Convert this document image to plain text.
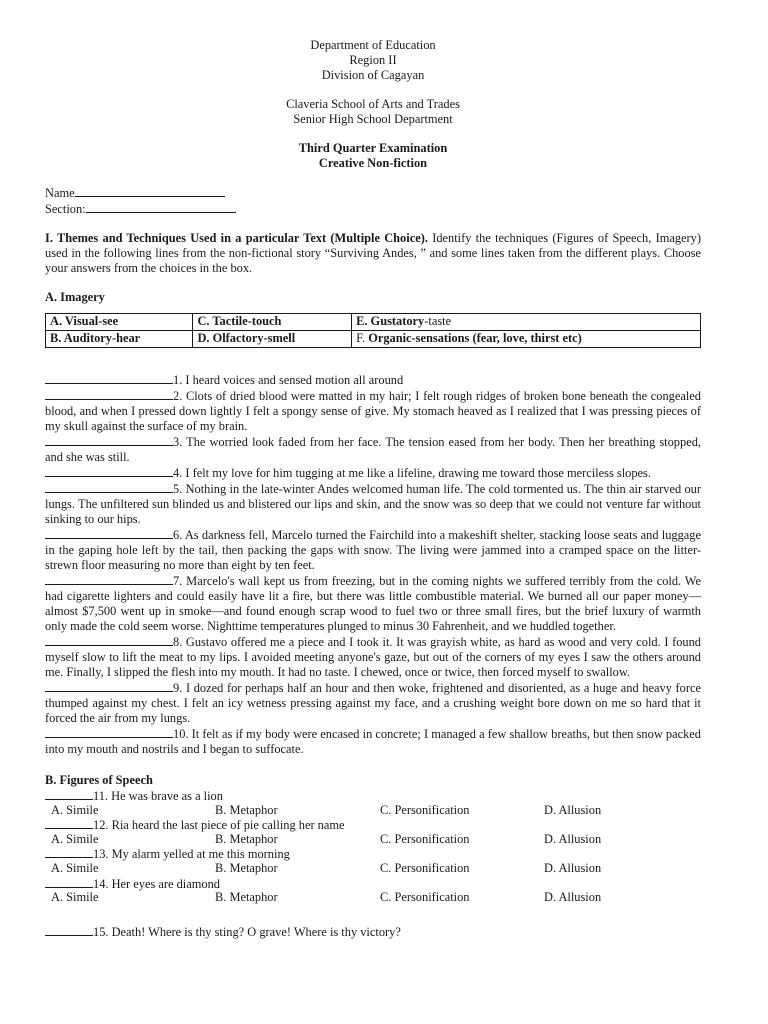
Department of Education

Region II

Division of Cagayan

Claveria School of Arts and Trades

Senior High School Department

Third Quarter Examination

Creative Non-fiction

Name

Section:

I. Themes and Techniques Used in a particular Text (Multiple Choice). Identify the techniques (Figures of Speech, Imagery) used in the following lines from the non-fictional story “Surviving Andes, ” and some lines taken from the different plays. Choose your answers from the choices in the box.

A. Imagery

A. Visual-see	C. Tactile-touch	E. Gustatory-taste
B. Auditory-hear	D. Olfactory-smell	F. Organic-sensations (fear, love, thirst etc)

1. I heard voices and sensed motion all around

2. Clots of dried blood were matted in my hair; I felt rough ridges of broken bone beneath the congealed blood, and when I pressed down lightly I felt a spongy sense of give. My stomach heaved as I realized that I was pressing pieces of my skull against the surface of my brain.

3. The worried look faded from her face. The tension eased from her body. Then her breathing stopped, and she was still.

4. I felt my love for him tugging at me like a lifeline, drawing me toward those merciless slopes.

5. Nothing in the late-winter Andes welcomed human life. The cold tormented us. The thin air starved our lungs. The unfiltered sun blinded us and blistered our lips and skin, and the snow was so deep that we could not venture far without sinking to our hips.

6. As darkness fell, Marcelo turned the Fairchild into a makeshift shelter, stacking loose seats and luggage in the gaping hole left by the tail, then packing the gaps with snow. The living were jammed into a cramped space on the litter-strewn floor measuring no more than eight by ten feet.

7. Marcelo's wall kept us from freezing, but in the coming nights we suffered terribly from the cold. We had cigarette lighters and could easily have lit a fire, but there was little combustible material. We burned all our paper money—almost $7,500 went up in smoke—and found enough scrap wood to fuel two or three small fires, but the brief luxury of warmth only made the cold seem worse. Nighttime temperatures plunged to minus 30 Fahrenheit, and we huddled together.

8. Gustavo offered me a piece and I took it. It was grayish white, as hard as wood and very cold. I found myself slow to lift the meat to my lips. I avoided meeting anyone's gaze, but out of the corners of my eyes I saw the others around me. Finally, I slipped the flesh into my mouth. It had no taste. I chewed, once or twice, then forced myself to swallow.

9. I dozed for perhaps half an hour and then woke, frightened and disoriented, as a huge and heavy force thumped against my chest. I felt an icy wetness pressing against my face, and a crushing weight bore down on me so hard that it forced the air from my lungs.

10. It felt as if my body were encased in concrete; I managed a few shallow breaths, but then snow packed into my mouth and nostrils and I began to suffocate.

B. Figures of Speech

11. He was brave as a lion

A. Simile	B. Metaphor	C. Personification	D. Allusion

12. Ria heard the last piece of pie calling her name

A. Simile	B. Metaphor	C. Personification	D. Allusion

13. My alarm yelled at me this morning

A. Simile	B. Metaphor	C. Personification	D. Allusion

14. Her eyes are diamond

A. Simile	B. Metaphor	C. Personification	D. Allusion

15. Death! Where is thy sting? O grave! Where is thy victory?
